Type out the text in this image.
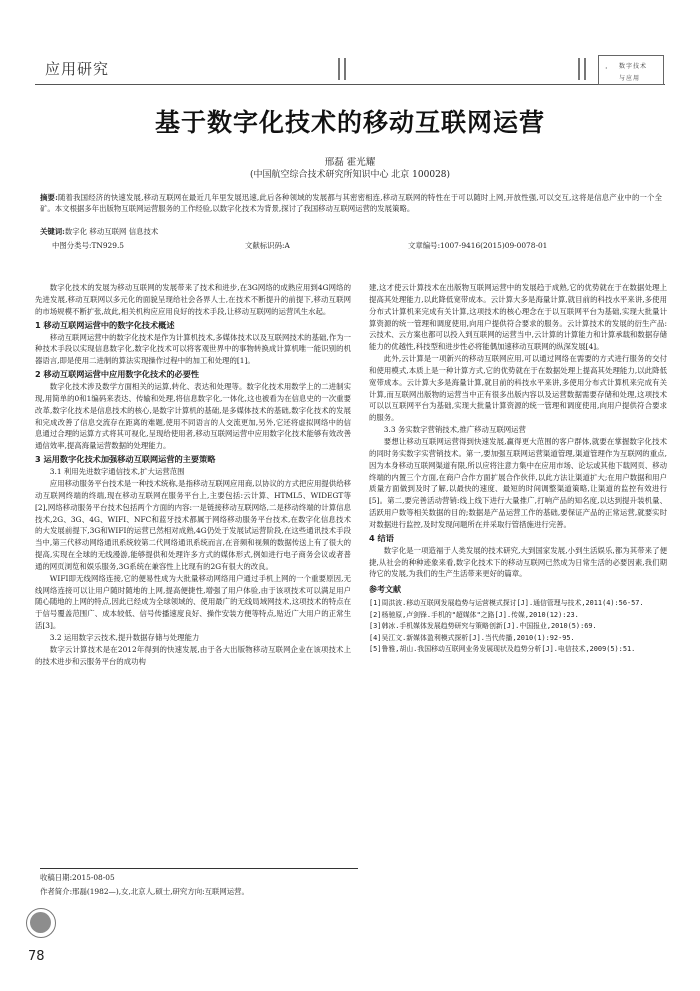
应用研究	· 数字技术
与应用
基于数字化技术的移动互联网运营
邢磊 霍光耀
(中国航空综合技术研究所知识中心 北京 100028)
摘要:随着我国经济的快速发展,移动互联网在最近几年里发展迅速,此后各种领域的发展都与其密密相连,移动互联网的特性在于可以随时上网,开放性强,可以交互,这将是信息产业中的一个全矿。本文根据多年出版物互联网运营服务的工作经验,以数字化技术为背景,探讨了我国移动互联网运营的发展策略。
关键词:数字化 移动互联网 信息技术
中图分类号:TN929.5	文献标识码:A	文章编号:1007-9416(2015)09-0078-01

数字化技术的发展为移动互联网的发展带来了技术和进步,在3G网络的成熟应用到4G网络的先进发展,移动互联网以多元化的面貌呈现给社会各界人士,在技术不断提升的前提下,移动互联网的市场规模不断扩张,故此,相关机构应应用良好的技术手段,让移动互联网的运营风生水起。

1 移动互联网运营中的数字化技术概述

移动互联网运营中的数字化技术是作为计算机技术,多媒体技术以及互联网技术的基础,作为一种技术手段以实现信息数字化,数字化技术可以将客观世界中的事物转换成计算机唯一能识别的机器语言,即是使用二进制的算法实现操作过程中的加工和处理的[1]。

2 移动互联网运营中应用数字化技术的必要性

数字化技术涉及数学方面相关的运算,转化、表达和处理等。数字化技术用数学上的二进制实现,用简单的0和1编码来表达、传输和处理,将信息数字化,一体化,这也被看为在信息史的一次重要改革,数字化技术是信息技术的核心,是数字计算机的基础,是多媒体技术的基础,数字化技术的发展和完成改善了信息交流存在距离的难题,使用不同语言的人交流更加,另外,它还将虚拟网络中的信息通过合理的运算方式将其可视化,呈现给使用者,移动互联网运营中应用数字化技术能够有效改善通信效率,提高海量运营数据的处理能力。

3 运用数字化技术加强移动互联网运营的主要策略
3.1 利用先进数字通信技术,扩大运营范围

应用移动服务平台技术是一种技术统称,是指移动互联网应用商,以协议的方式把应用提供给移动互联网终端的终端,现在移动互联网在服务平台上,主要包括:云计算、HTML5、WIDEGT等[2],网络移动服务平台技术包括两个方面的内容:一是链接移动互联网络,二是移动终端的计算信息技术,2G、3G、4G、WIFI、NFC和蓝牙技术都属于网络移动服务平台技术,在数字化信息技术的大发展前提下,3G和WIFI的运营已然相对成熟,4G仍处于发展试运营阶段,在这些通讯技术手段当中,第三代移动网络通讯系统较第二代网络通讯系统而言,在音频和视频的数据传送上有了很大的提高,实现在全球的无线漫游,能够提供和处理许多方式的媒体形式,例如进行电子商务会议或者普通的网页浏览和娱乐服务,3G系统在兼容性上比现有的2G有很大的改良。

WIFI即无线网络连接,它的便易性成为大批量移动网络用户通过手机上网的一个重要原因,无线网络连接可以让用户随时随地的上网,提高便捷性,增强了用户体验,由于该项技术可以满足用户随心随地的上网的特点,因此已经成为全球领域的、使用最广的无线局域网技术,这项技术的特点在于信号覆盖范围广、成本较低、信号传播速度良好、操作安装方便等特点,贴近广大用户的正常生活[3]。

3.2 运用数字云技术,提升数据存储与处理能力

数字云计算技术是在2012年得到的快速发展,由于各大出版物移动互联网企业在该项技术上的技术进步和云服务平台的成功构

建,这才使云计算技术在出版物互联网运营中的发展趋于成熟,它的优势就在于在数据处理上提高其处理能力,以此降低宽带成本。云计算大多是海量计算,就目前的科技水平来讲,多使用分布式计算机来完成有关计算,这项技术的核心理念在于以互联网平台为基础,实现大批量计算资源的统一管理和调度使用,向用户提供符合要求的服务。云计算技术的发展的衍生产品:云技术、云方案也都可以投入到互联网的运营当中,云计算的计算能力和计算承载和数据存储能力的优越性,科技型和进步性必将能偶加速移动互联网的纵深发展[4]。

此外,云计算是一项新兴的移动互联网应用,可以通过网络在需要的方式进行服务的交付和使用模式,本质上是一种计算方式,它的优势就在于在数据处理上提高其处理能力,以此降低宽带成本。云计算大多是海量计算,就目前的科技水平来讲,多使用分布式计算机来完成有关计算,而互联网出版物的运营当中正有很多出版内容以及运营数据需要存储和处理,这项技术可以以互联网平台为基础,实现大批量计算资源的统一管理和调度使用,向用户提供符合要求的服务。

3.3 务实数字营销技术,推广移动互联网运营

要想让移动互联网运营得到快速发展,赢得更大范围的客户群体,就要在掌握数字化技术的同时务实数字实营销技术。第一,要加强互联网运营渠道管理,渠道管理作为互联网的重点,因为本身移动互联网渠道有限,所以应将注意力集中在应用市场、论坛或其他下载网页、移动终端的内置三个方面,在商户合作方面扩展合作伙伴,以此方法让渠道扩大;在用户数据和用户质量方面做到及时了解,以最快的速度、最短的时间调整渠道策略,让渠道的监控有效进行[5]。第二,要完善活动营销:线上线下进行大量推广,打响产品的知名度,以达到提升装机量、活跃用户数等相关数据的目的;数据是产品运营工作的基础,要保证产品的正常运营,就要实时对数据进行监控,及时发现问题所在并采取行管措施进行完善。

4 结语

数字化是一项造福于人类发展的技术研究,大到国家发展,小到生活娱乐,都为其带来了便捷,从社会的种种迹象来看,数字化技术下的移动互联网已然成为日常生活的必要因素,我们期待它的发展,为我们的生产生活带来更好的篇章。

参考文献
[1]周洪波.移动互联网发展趋势与运营模式探讨[J].通信管理与技术,2011(4):56-57.
[2]杨驰原,卢剑锋.手机的"超媒体"之路[J].传媒,2010(12):23.
[3]韩冰.手机媒体发展趋势研究与策略创新[J].中国报业,2010(5):69.
[4]吴江文.新媒体盈利模式探析[J].当代传播,2010(1):92-95.
[5]鲁雅,胡山.我国移动互联网业务发展现状及趋势分析[J].电信技术,2009(5):51.
收稿日期:2015-08-05
作者简介:邢磊(1982—),女,北京人,硕士,研究方向:互联网运营。
78
